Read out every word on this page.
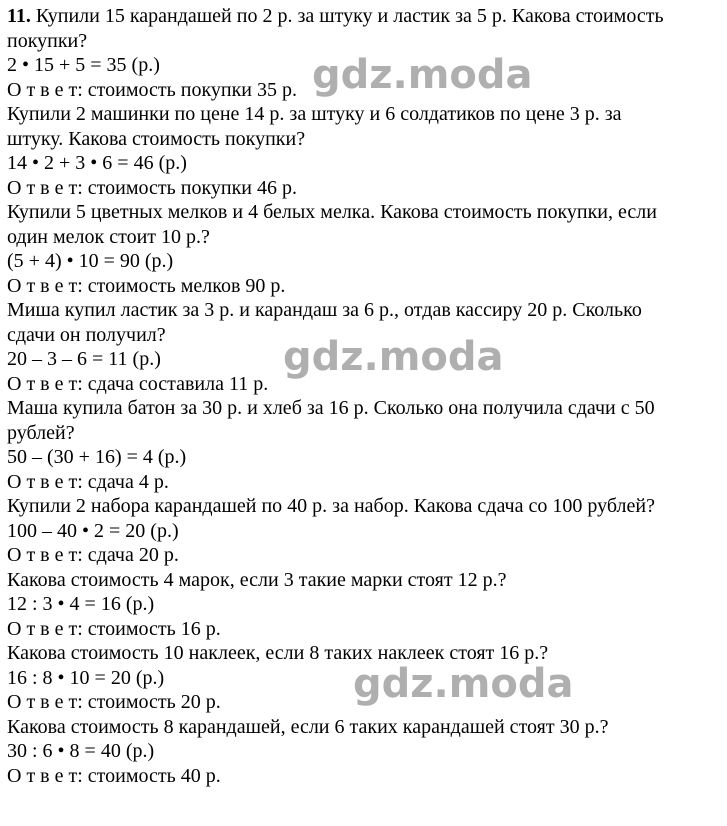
11. Купили 15 карандашей по 2 р. за штуку и ластик за 5 р. Какова стоимость
покупки?
2 • 15 + 5 = 35 (р.)
О т в е т: стоимость покупки 35 р.
Купили 2 машинки по цене 14 р. за штуку и 6 солдатиков по цене 3 р. за
штуку. Какова стоимость покупки?
14 • 2 + 3 • 6 = 46 (р.)
О т в е т: стоимость покупки 46 р.
Купили 5 цветных мелков и 4 белых мелка. Какова стоимость покупки, если
один мелок стоит 10 р.?
(5 + 4) • 10 = 90 (р.)
О т в е т: стоимость мелков 90 р.
Миша купил ластик за 3 р. и карандаш за 6 р., отдав кассиру 20 р. Сколько
сдачи он получил?
20 – 3 – 6 = 11 (р.)
О т в е т: сдача составила 11 р.
Маша купила батон за 30 р. и хлеб за 16 р. Сколько она получила сдачи с 50
рублей?
50 – (30 + 16) = 4 (р.)
О т в е т: сдача 4 р.
Купили 2 набора карандашей по 40 р. за набор. Какова сдача со 100 рублей?
100 – 40 • 2 = 20 (р.)
О т в е т: сдача 20 р.
Какова стоимость 4 марок, если 3 такие марки стоят 12 р.?
12 : 3 • 4 = 16 (р.)
О т в е т: стоимость 16 р.
Какова стоимость 10 наклеек, если 8 таких наклеек стоят 16 р.?
16 : 8 • 10 = 20 (р.)
О т в е т: стоимость 20 р.
Какова стоимость 8 карандашей, если 6 таких карандашей стоят 30 р.?
30 : 6 • 8 = 40 (р.)
О т в е т: стоимость 40 р.
gdz.moda
gdz.moda
gdz.moda
